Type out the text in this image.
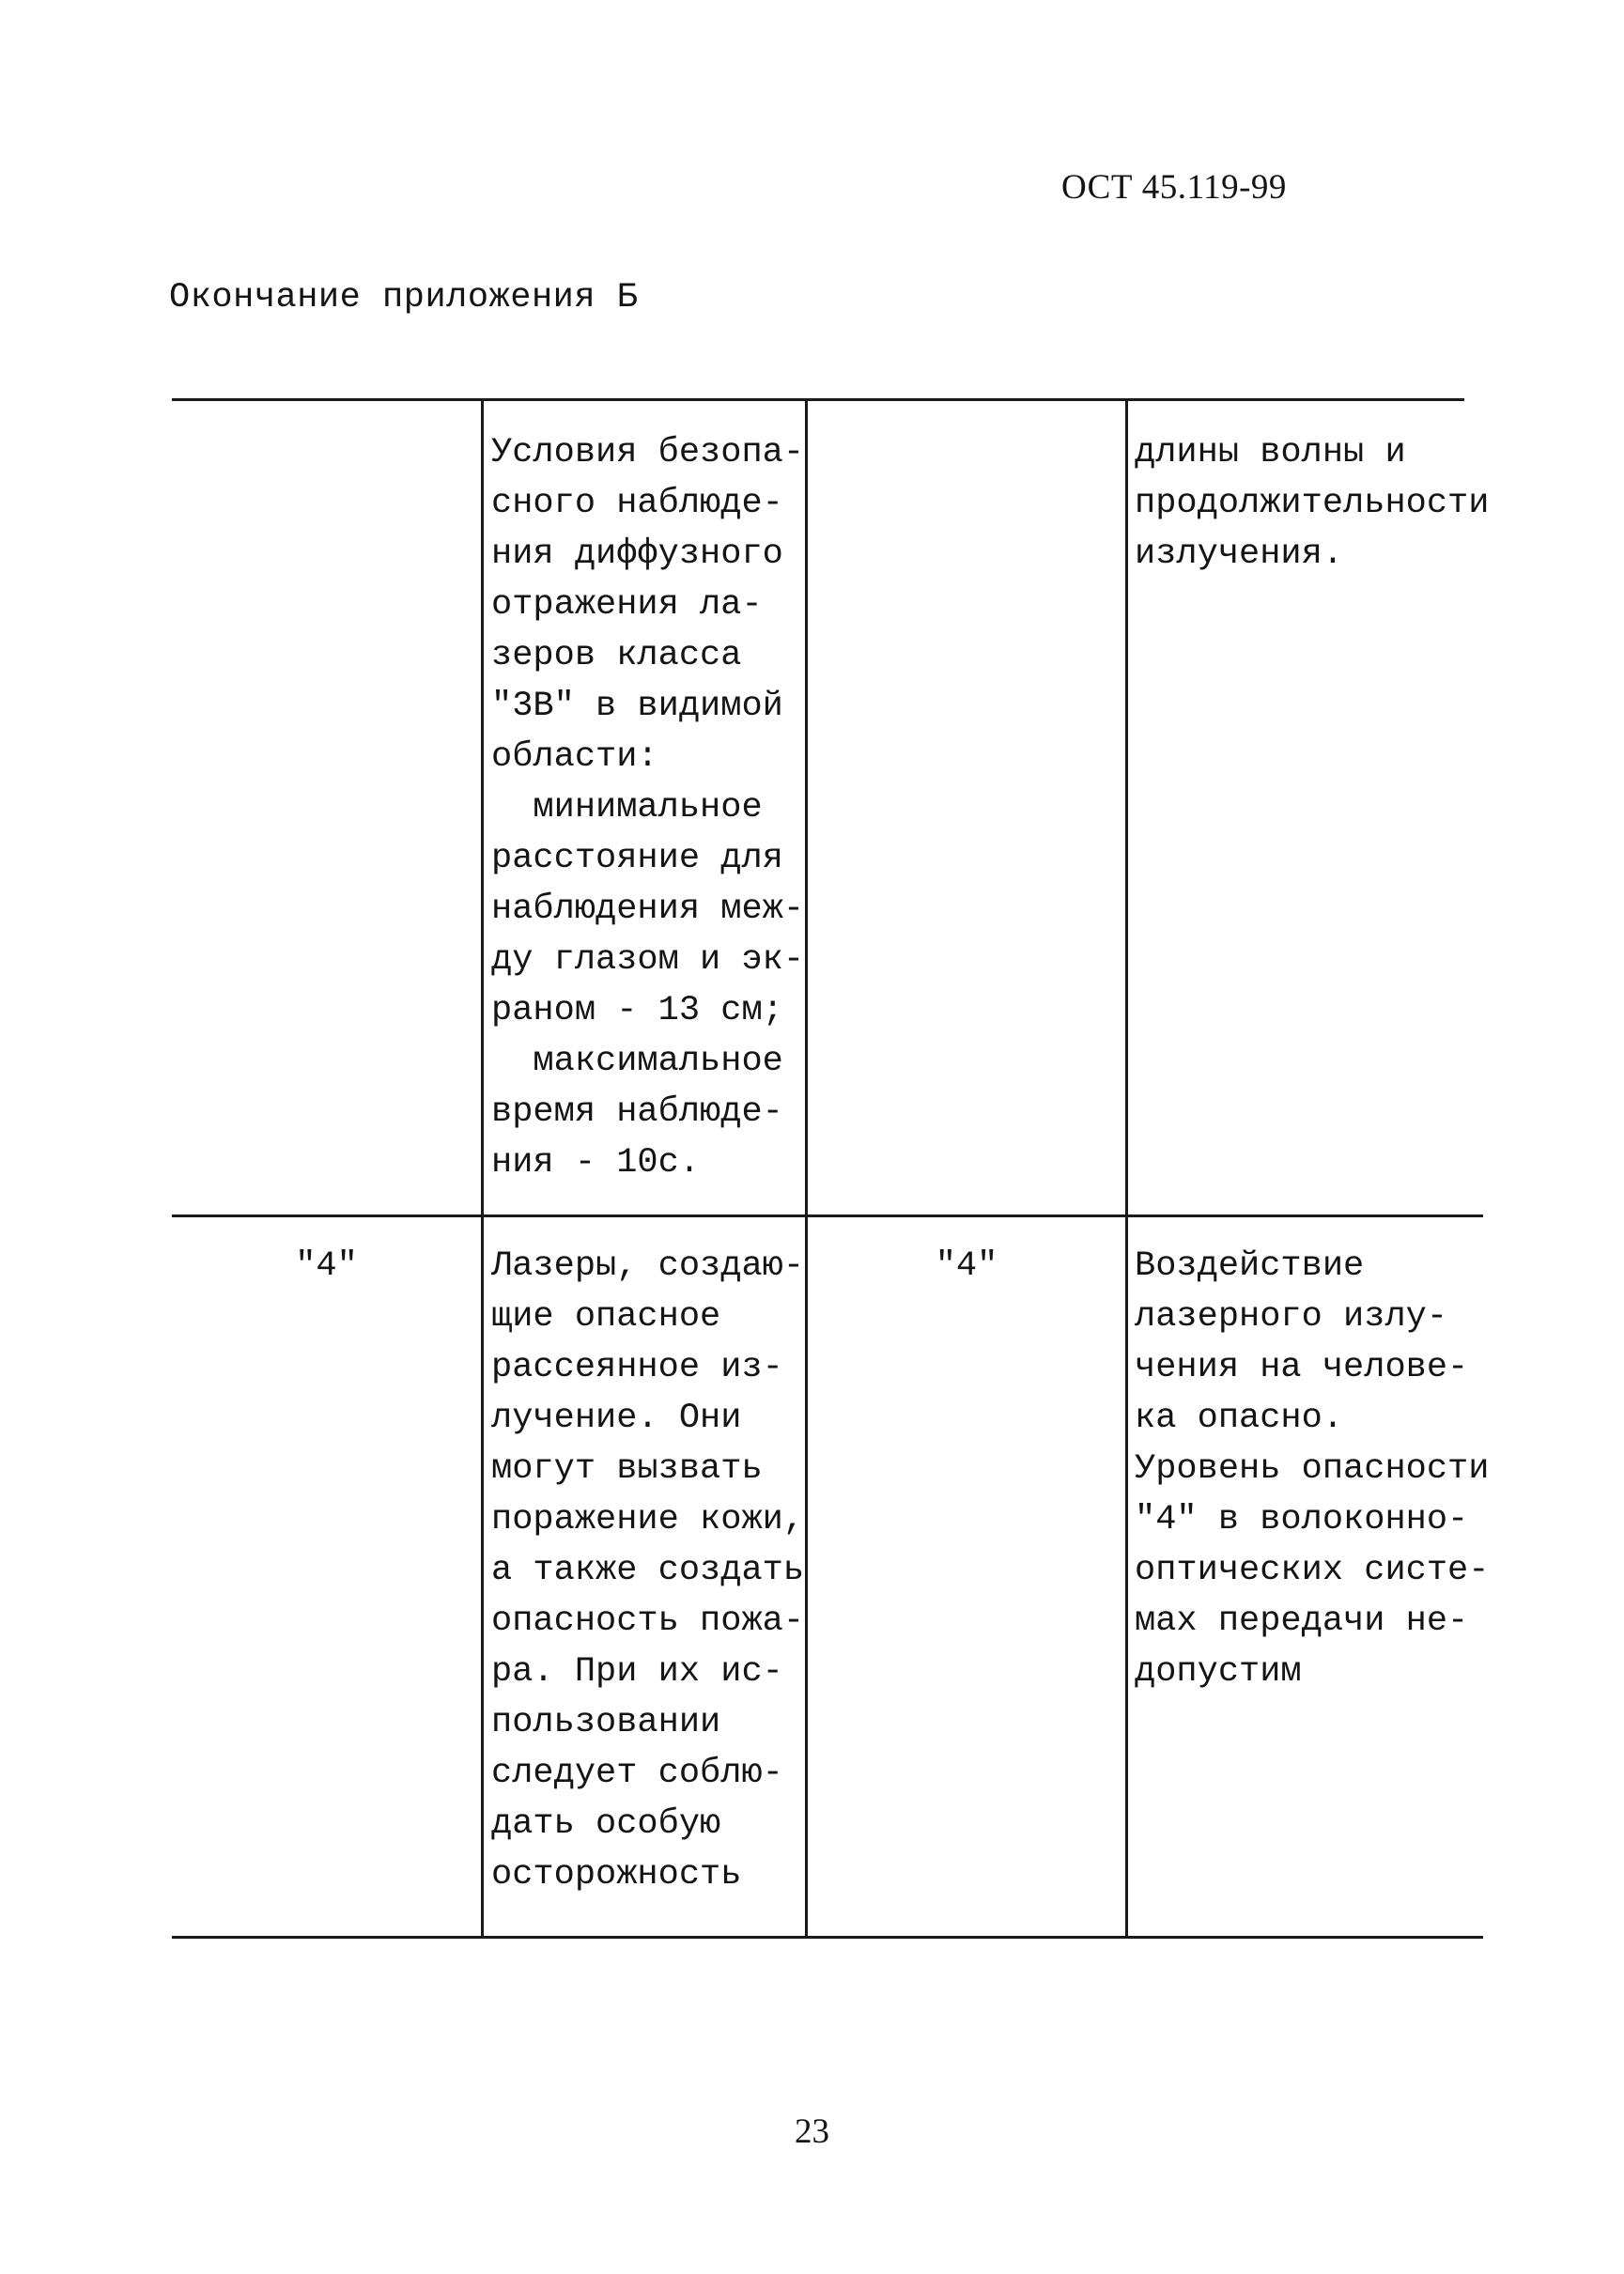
ОСТ 45.119-99
Окончание приложения Б
Условия безопа-
сного наблюде-
ния диффузного
отражения ла-
зеров класса
"3В" в видимой
области:
минимальное
расстояние для
наблюдения меж-
ду глазом и эк-
раном - 13 см;
максимальное
время наблюде-
ния - 10с.
длины волны и
продолжительности
излучения.
"4"	Лазеры, создаю-
щие опасное
рассеянное из-
лучение. Они
могут вызвать
поражение кожи,
а также создать
опасность пожа-
ра. При их ис-
пользовании
следует соблю-
дать особую
осторожность
"4"	Воздействие
лазерного излу-
чения на челове-
ка опасно.
Уровень опасности
"4" в волоконно-
оптических систе-
мах передачи не-
допустим
23
